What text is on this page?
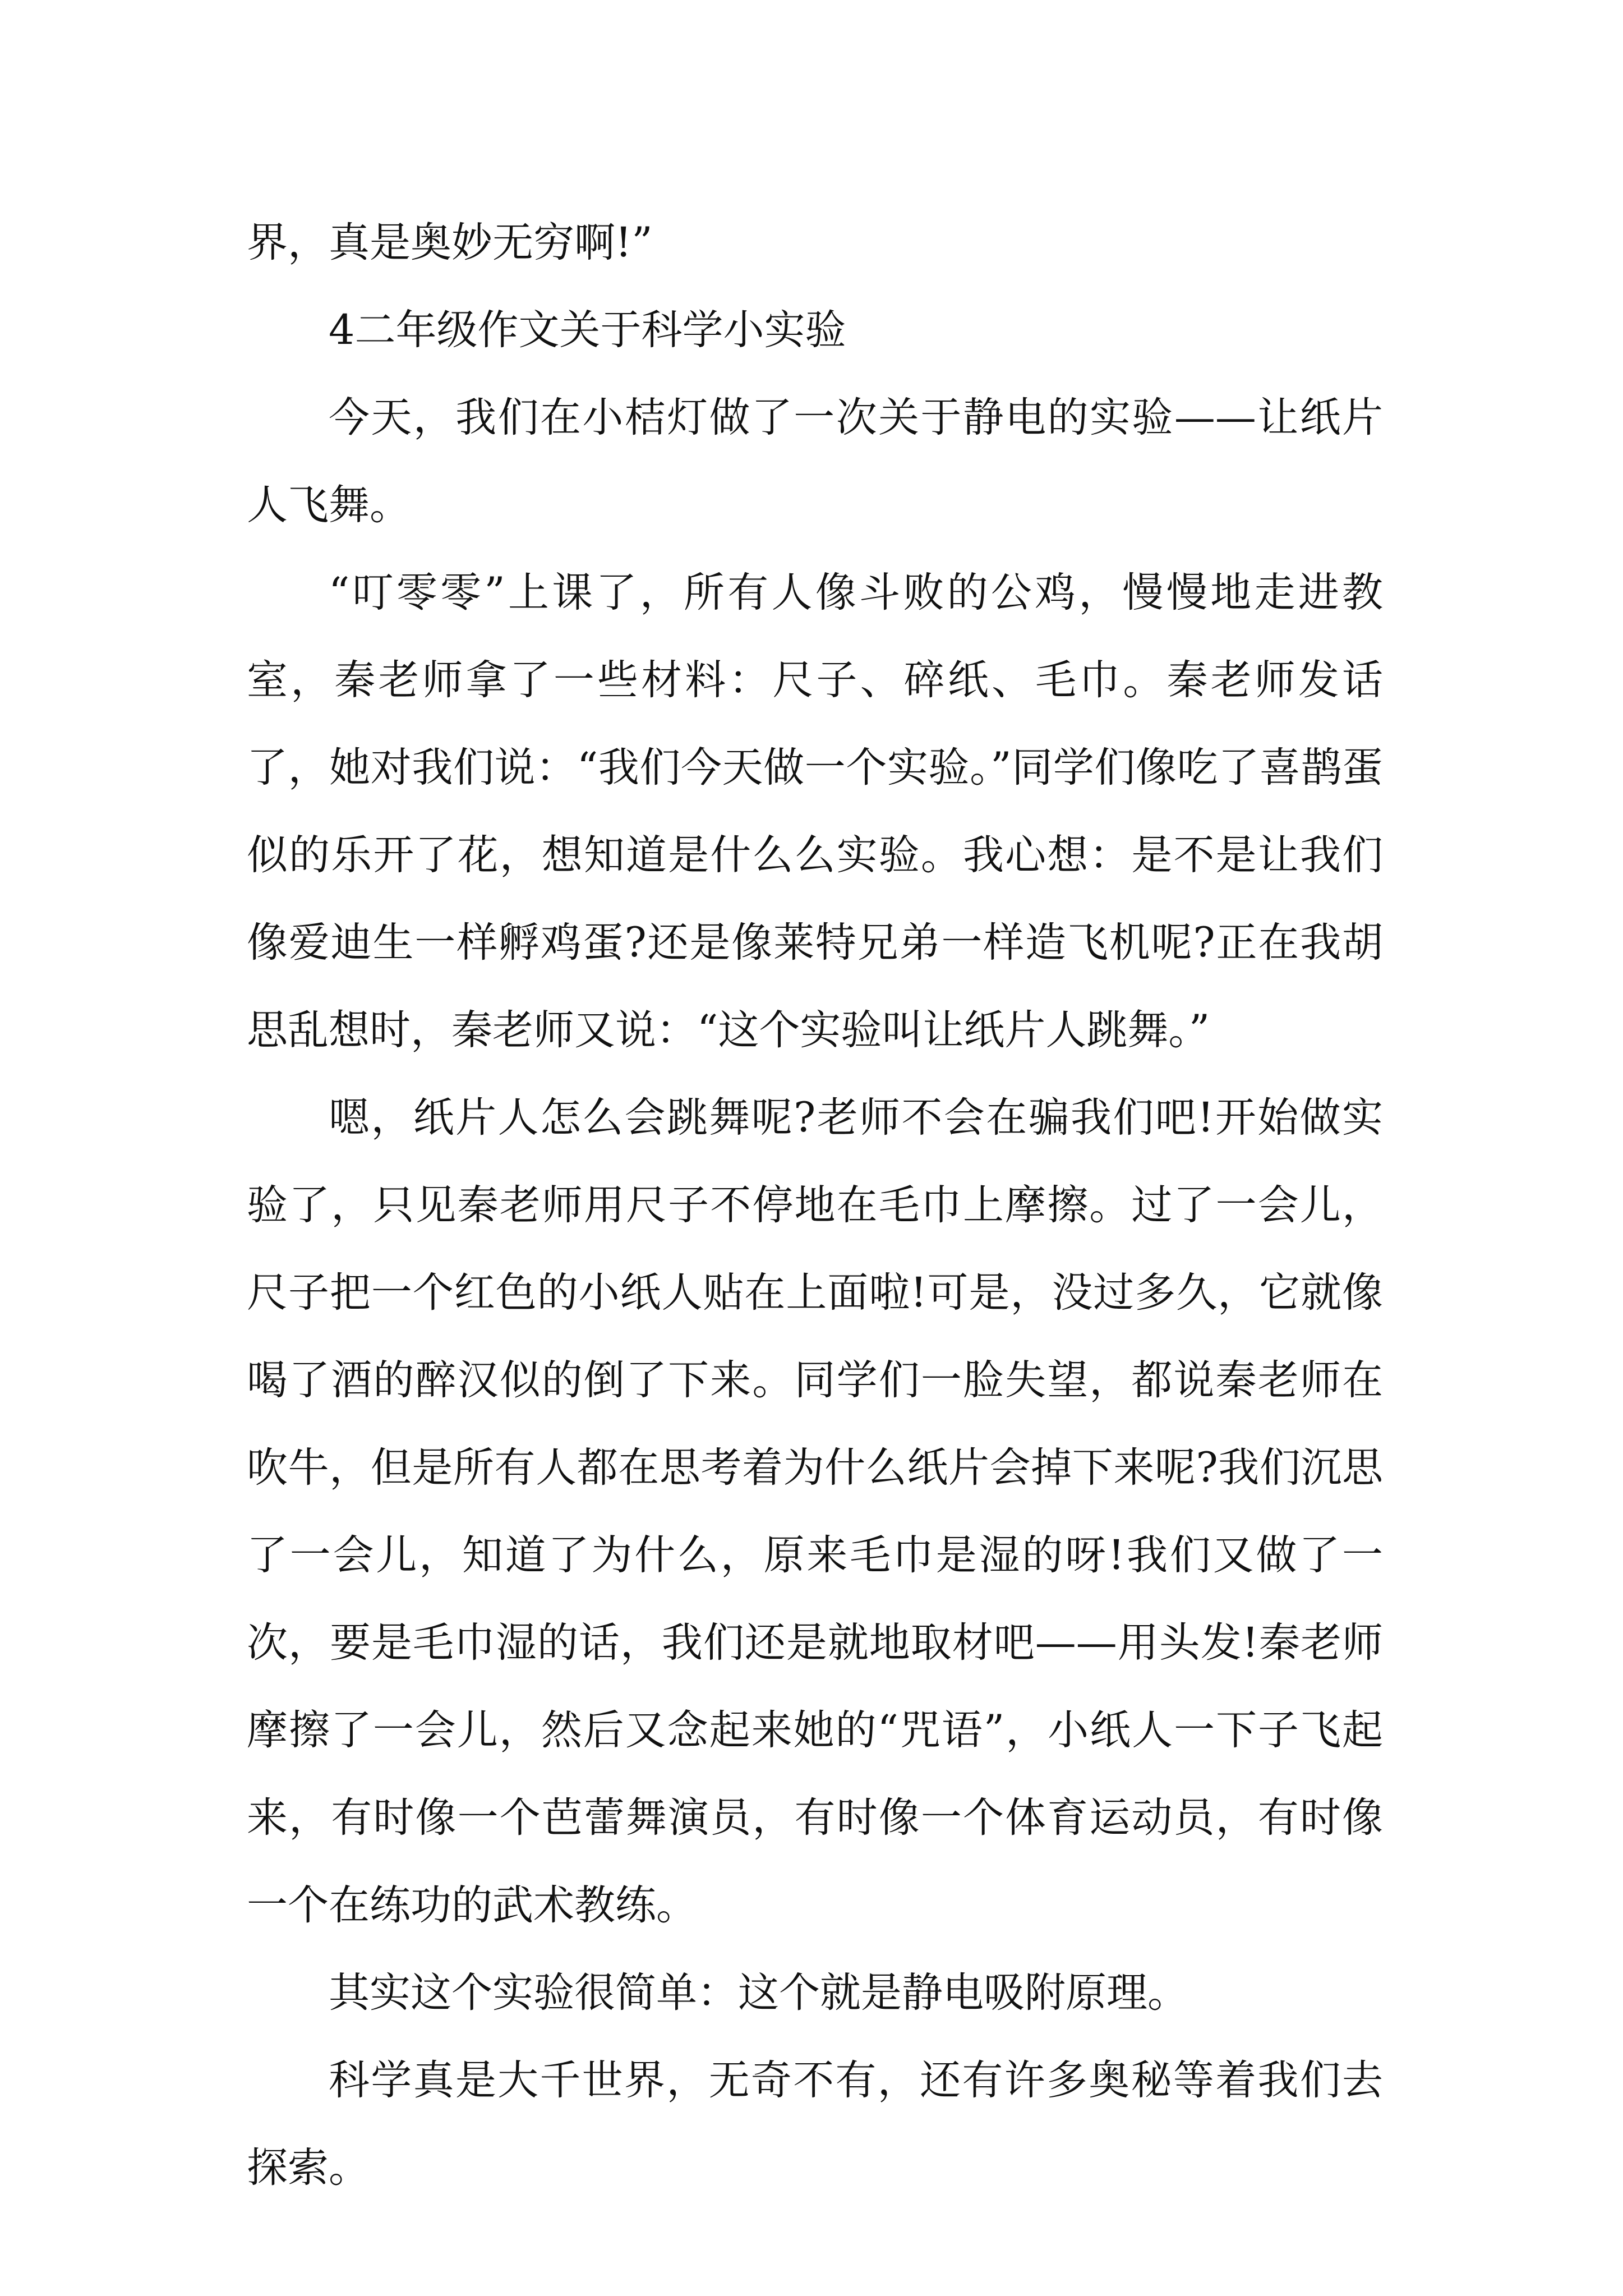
界，真是奥妙无穷啊!”

4二年级作文关于科学小实验

今天，我们在小桔灯做了一次关于静电的实验——让纸片人飞舞。

“叮零零”上课了，所有人像斗败的公鸡，慢慢地走进教室，秦老师拿了一些材料：尺子、碎纸、毛巾。秦老师发话了，她对我们说：“我们今天做一个实验。”同学们像吃了喜鹊蛋似的乐开了花，想知道是什么么实验。我心想：是不是让我们像爱迪生一样孵鸡蛋?还是像莱特兄弟一样造飞机呢?正在我胡思乱想时，秦老师又说：“这个实验叫让纸片人跳舞。”

嗯，纸片人怎么会跳舞呢?老师不会在骗我们吧!开始做实验了，只见秦老师用尺子不停地在毛巾上摩擦。过了一会儿，尺子把一个红色的小纸人贴在上面啦!可是，没过多久，它就像喝了酒的醉汉似的倒了下来。同学们一脸失望，都说秦老师在吹牛，但是所有人都在思考着为什么纸片会掉下来呢?我们沉思了一会儿，知道了为什么，原来毛巾是湿的呀!我们又做了一次，要是毛巾湿的话，我们还是就地取材吧——用头发!秦老师摩擦了一会儿，然后又念起来她的“咒语”，小纸人一下子飞起来，有时像一个芭蕾舞演员，有时像一个体育运动员，有时像一个在练功的武术教练。

其实这个实验很简单：这个就是静电吸附原理。

科学真是大千世界，无奇不有，还有许多奥秘等着我们去探索。
